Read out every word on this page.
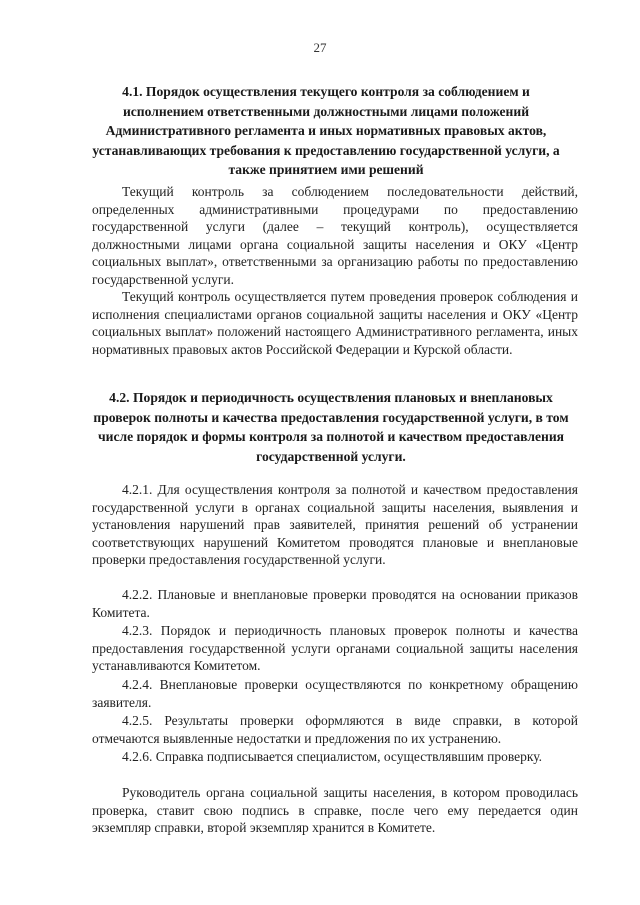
27
4.1. Порядок осуществления текущего контроля за соблюдением и исполнением ответственными должностными лицами положений Административного регламента и иных нормативных правовых актов, устанавливающих требования к предоставлению государственной услуги, а также принятием ими решений

Текущий контроль за соблюдением последовательности действий, определенных административными процедурами по предоставлению государственной услуги (далее – текущий контроль), осуществляется должностными лицами органа социальной защиты населения и ОКУ «Центр социальных выплат», ответственными за организацию работы по предоставлению государственной услуги.

Текущий контроль осуществляется путем проведения проверок соблюдения и исполнения специалистами органов социальной защиты населения и ОКУ «Центр социальных выплат» положений настоящего Административного регламента, иных нормативных правовых актов Российской Федерации и Курской области.

4.2. Порядок и периодичность осуществления плановых и внеплановых проверок полноты и качества предоставления государственной услуги, в том числе порядок и формы контроля за полнотой и качеством предоставления государственной услуги.

4.2.1. Для осуществления контроля за полнотой и качеством предоставления государственной услуги в органах социальной защиты населения, выявления и установления нарушений прав заявителей, принятия решений об устранении соответствующих нарушений Комитетом проводятся плановые и внеплановые проверки предоставления государственной услуги.

4.2.2. Плановые и внеплановые проверки проводятся на основании приказов Комитета.

4.2.3. Порядок и периодичность плановых проверок полноты и качества предоставления государственной услуги органами социальной защиты населения устанавливаются Комитетом.

4.2.4. Внеплановые проверки осуществляются по конкретному обращению заявителя.

4.2.5. Результаты проверки оформляются в виде справки, в которой отмечаются выявленные недостатки и предложения по их устранению.

4.2.6. Справка подписывается специалистом, осуществлявшим проверку.

Руководитель органа социальной защиты населения, в котором проводилась проверка, ставит свою подпись в справке, после чего ему передается один экземпляр справки, второй экземпляр хранится в Комитете.
